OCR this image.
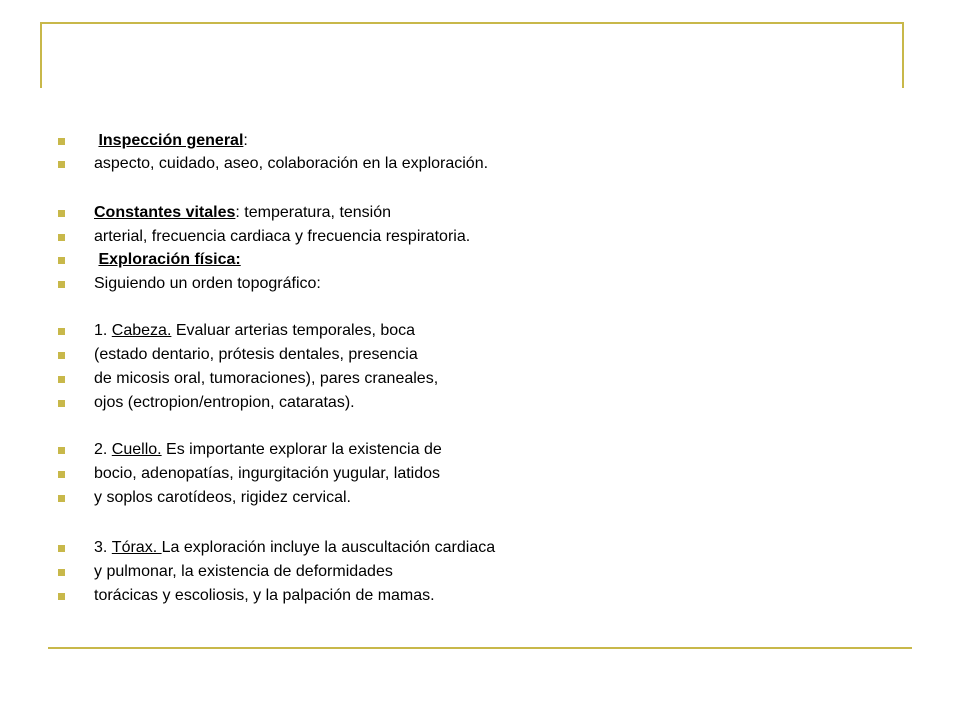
Inspección general :
aspecto, cuidado, aseo, colaboración en la exploración.
Constantes vitales : temperatura, tensión
arterial, frecuencia cardiaca y frecuencia respiratoria.

Exploración física:
Siguiendo un orden topográfico:
1. Cabeza. Evaluar arterias temporales, boca
(estado dentario, prótesis dentales, presencia
de micosis oral, tumoraciones), pares craneales,
ojos (ectropion/entropion, cataratas).
2. Cuello. Es importante explorar la existencia de
bocio, adenopatías, ingurgitación yugular, latidos
y soplos carotídeos, rigidez cervical.
3. Tórax. La exploración incluye la auscultación cardiaca
y pulmonar, la existencia de deformidades
torácicas y escoliosis, y la palpación de mamas.
